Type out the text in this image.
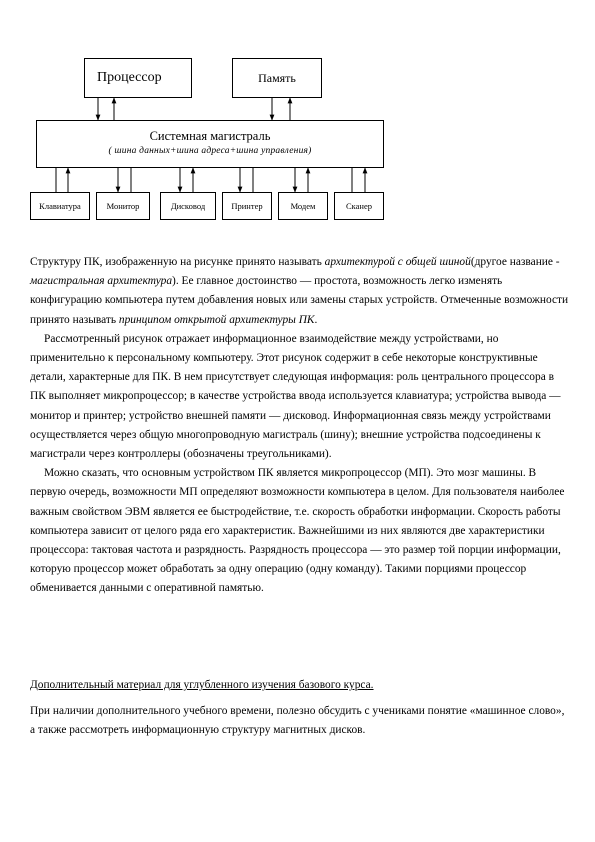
Процессор	Память
Системная магистраль
( шина данных+шина адреса+шина управления)
Клавиатура	Монитор	Дисковод	Принтер	Модем	Сканер

Структуру ПК, изображенную на рисунке принято называть архитектурой с общей шиной(другое название - магистральная архитектура). Ее главное достоинство — простота, возможность легко изменять конфигурацию компьютера путем добавления новых или замены старых устройств. Отмеченные возможности принято называть принципом открытой архитектуры ПК.

Рассмотренный рисунок отражает информационное взаимодействие между устройствами, но применительно к персональному компьютеру. Этот рисунок содержит в себе некоторые конструктивные детали, характерные для ПК. В нем присутствует следующая информация: роль центрального процессора в ПК выполняет микропроцессор; в качестве устройства ввода используется клавиатура; устройства вывода — монитор и принтер; устройство внешней памяти — дисковод. Информационная связь между устройствами осуществляется через общую многопроводную магистраль (шину); внешние устройства подсоединены к магистрали через контроллеры (обозначены треугольниками).

Можно сказать, что основным устройством ПК является микропроцессор (МП). Это мозг машины. В первую очередь, возможности МП определяют возможности компьютера в целом. Для пользователя наиболее важным свойством ЭВМ является ее быстродействие, т.е. скорость обработки информации. Скорость работы компьютера зависит от целого ряда его характеристик. Важнейшими из них являются две характеристики процессора: тактовая частота и разрядность. Разрядность процессора — это размер той порции информации, которую процессор может обработать за одну операцию (одну команду). Такими порциями процессор обменивается данными с оперативной памятью.

Дополнительный материал для углубленного изучения базового курса.
При наличии дополнительного учебного времени, полезно обсудить с учениками понятие «машинное слово», а также рассмотреть информационную структуру магнитных дисков.
